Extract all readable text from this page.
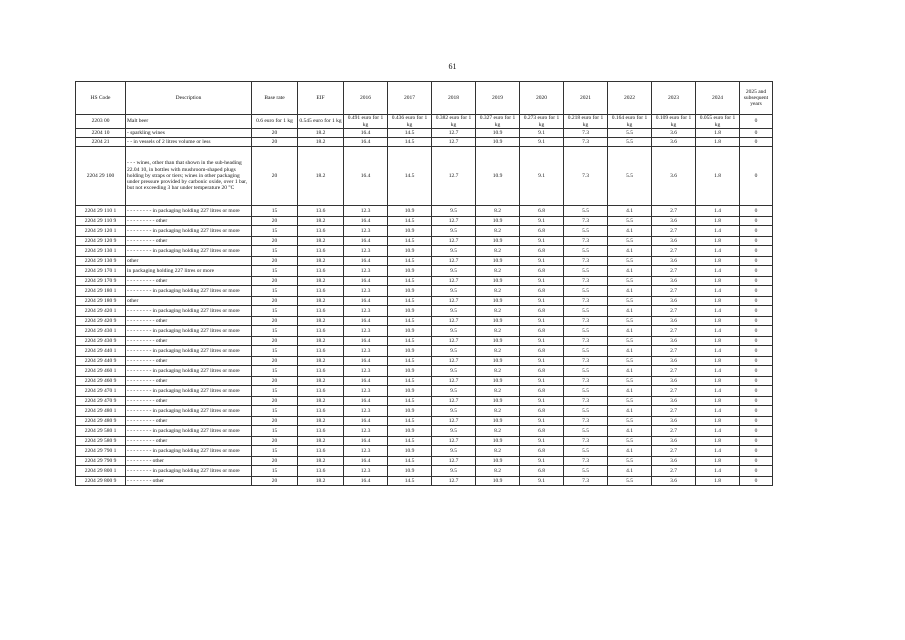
61
HS Code	Description	Base rate	EIF	2016	2017	2018	2019	2020	2021	2022	2023	2024	2025 and subsequent years
2203 00	Malt beer	0.6 euro for 1 kg	0.545 euro for 1 kg	0.491 euro for 1 kg	0.436 euro for 1 kg	0.382 euro for 1 kg	0.327 euro for 1 kg	0.273 euro for 1 kg	0.218 euro for 1 kg	0.164 euro for 1 kg	0.109 euro for 1 kg	0.055 euro for 1 kg	0
2204 10	- sparkling wines	20	18.2	16.4	14.5	12.7	10.9	9.1	7.3	5.5	3.6	1.8	0
2204 21	- - in vessels of 2 litres volume or less	20	18.2	16.4	14.5	12.7	10.9	9.1	7.3	5.5	3.6	1.8	0
2204 29 100	- - - wines, other than that shown in the sub-heading 22.04 10, in bottles with mushroom-shaped plugs holding by straps or tiers; wines in other packaging under pressure provided by carbonic oxide, over 1 bar, but not exceeding 3 bar under temperature 20 °C	20	18.2	16.4	14.5	12.7	10.9	9.1	7.3	5.5	3.6	1.8	0
2204 29 110 1	- - - - - - - - in packaging holding 227 litres or more	15	13.6	12.3	10.9	9.5	8.2	6.8	5.5	4.1	2.7	1.4	0
2204 29 110 9	- - - - - - - - - other	20	18.2	16.4	14.5	12.7	10.9	9.1	7.3	5.5	3.6	1.8	0
2204 29 120 1	- - - - - - - - in packaging holding 227 litres or more	15	13.6	12.3	10.9	9.5	8.2	6.8	5.5	4.1	2.7	1.4	0
2204 29 120 9	- - - - - - - - - other	20	18.2	16.4	14.5	12.7	10.9	9.1	7.3	5.5	3.6	1.8	0
2204 29 130 1	- - - - - - - - in packaging holding 227 litres or more	15	13.6	12.3	10.9	9.5	8.2	6.8	5.5	4.1	2.7	1.4	0
2204 29 130 9	other	20	18.2	16.4	14.5	12.7	10.9	9.1	7.3	5.5	3.6	1.8	0
2204 29 170 1	in packaging holding 227 litres or more	15	13.6	12.3	10.9	9.5	8.2	6.8	5.5	4.1	2.7	1.4	0
2204 29 170 9	- - - - - - - - - other	20	18.2	16.4	14.5	12.7	10.9	9.1	7.3	5.5	3.6	1.8	0
2204 29 180 1	- - - - - - - - in packaging holding 227 litres or more	15	13.6	12.3	10.9	9.5	8.2	6.8	5.5	4.1	2.7	1.4	0
2204 29 180 9	other	20	18.2	16.4	14.5	12.7	10.9	9.1	7.3	5.5	3.6	1.8	0
2204 29 420 1	- - - - - - - - in packaging holding 227 litres or more	15	13.6	12.3	10.9	9.5	8.2	6.8	5.5	4.1	2.7	1.4	0
2204 29 420 9	- - - - - - - - - other	20	18.2	16.4	14.5	12.7	10.9	9.1	7.3	5.5	3.6	1.8	0
2204 29 430 1	- - - - - - - - in packaging holding 227 litres or more	15	13.6	12.3	10.9	9.5	8.2	6.8	5.5	4.1	2.7	1.4	0
2204 29 430 9	- - - - - - - - - other	20	18.2	16.4	14.5	12.7	10.9	9.1	7.3	5.5	3.6	1.8	0
2204 29 440 1	- - - - - - - - in packaging holding 227 litres or more	15	13.6	12.3	10.9	9.5	8.2	6.8	5.5	4.1	2.7	1.4	0
2204 29 440 9	- - - - - - - - - other	20	18.2	16.4	14.5	12.7	10.9	9.1	7.3	5.5	3.6	1.8	0
2204 29 460 1	- - - - - - - - in packaging holding 227 litres or more	15	13.6	12.3	10.9	9.5	8.2	6.8	5.5	4.1	2.7	1.4	0
2204 29 460 9	- - - - - - - - - other	20	18.2	16.4	14.5	12.7	10.9	9.1	7.3	5.5	3.6	1.8	0
2204 29 470 1	- - - - - - - - in packaging holding 227 litres or more	15	13.6	12.3	10.9	9.5	8.2	6.8	5.5	4.1	2.7	1.4	0
2204 29 470 9	- - - - - - - - - other	20	18.2	16.4	14.5	12.7	10.9	9.1	7.3	5.5	3.6	1.8	0
2204 29 480 1	- - - - - - - - in packaging holding 227 litres or more	15	13.6	12.3	10.9	9.5	8.2	6.8	5.5	4.1	2.7	1.4	0
2204 29 480 9	- - - - - - - - - other	20	18.2	16.4	14.5	12.7	10.9	9.1	7.3	5.5	3.6	1.8	0
2204 29 580 1	- - - - - - - - in packaging holding 227 litres or more	15	13.6	12.3	10.9	9.5	8.2	6.8	5.5	4.1	2.7	1.4	0
2204 29 580 9	- - - - - - - - - other	20	18.2	16.4	14.5	12.7	10.9	9.1	7.3	5.5	3.6	1.8	0
2204 29 790 1	- - - - - - - - in packaging holding 227 litres or more	15	13.6	12.3	10.9	9.5	8.2	6.8	5.5	4.1	2.7	1.4	0
2204 29 790 9	- - - - - - - - other	20	18.2	16.4	14.5	12.7	10.9	9.1	7.3	5.5	3.6	1.8	0
2204 29 800 1	- - - - - - - - in packaging holding 227 litres or more	15	13.6	12.3	10.9	9.5	8.2	6.8	5.5	4.1	2.7	1.4	0
2204 29 800 9	- - - - - - - - other	20	18.2	16.4	14.5	12.7	10.9	9.1	7.3	5.5	3.6	1.8	0
